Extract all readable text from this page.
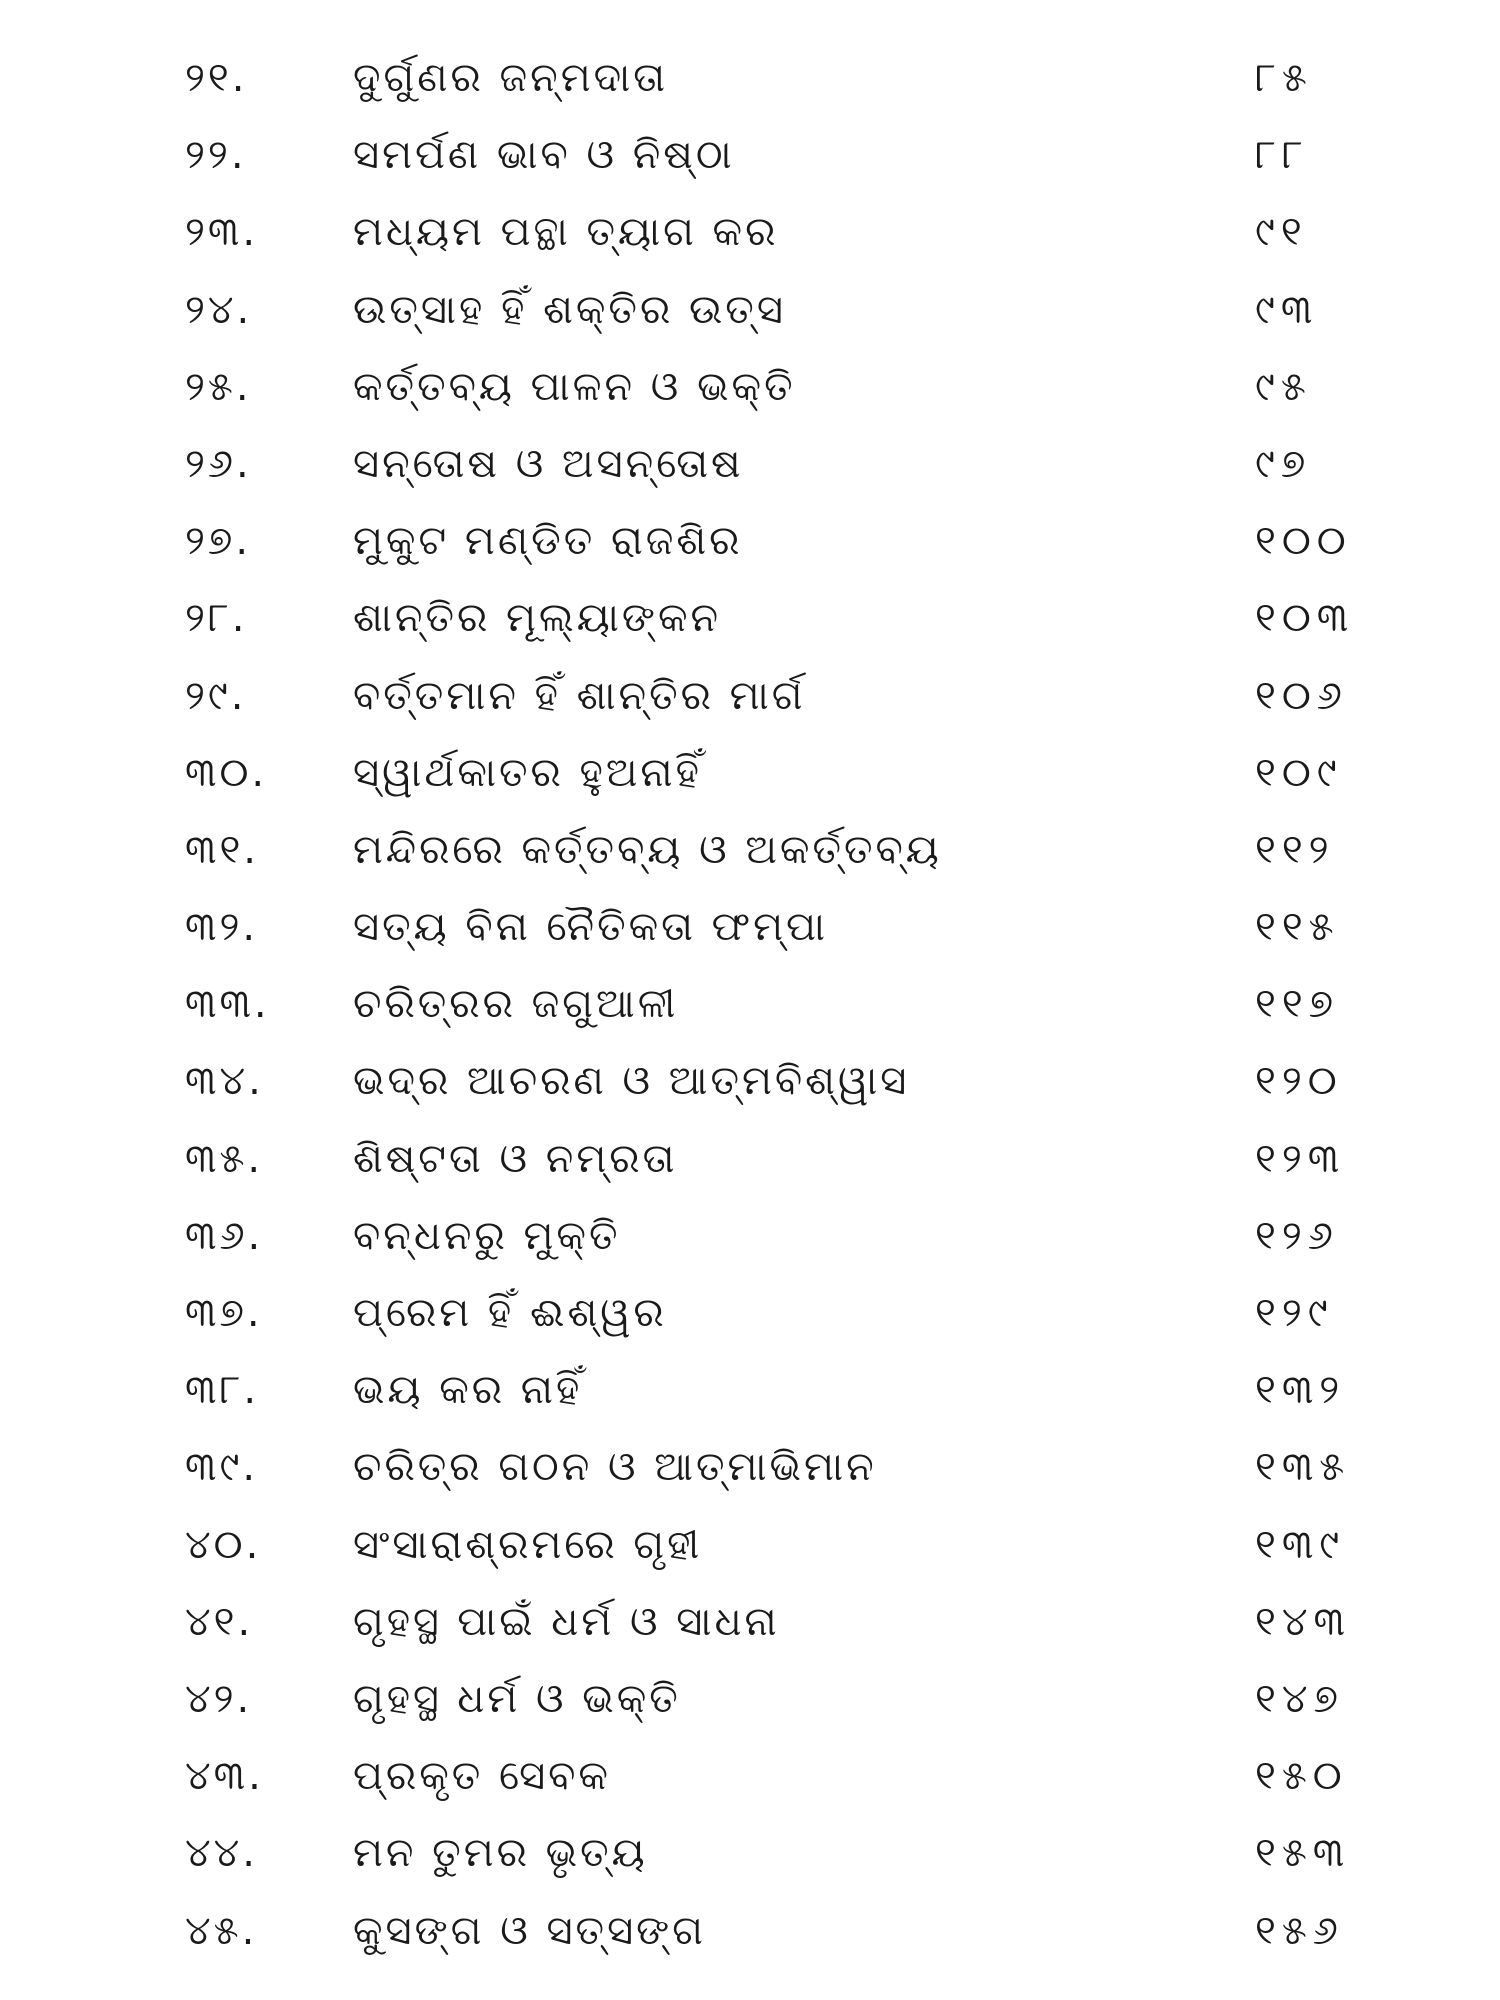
୨୧.	ଦୁର୍ଗୁଣର ଜନ୍ମଦାତା	୮୫
୨୨.	ସମର୍ପଣ ଭାବ ଓ ନିଷ୍ଠା	୮୮
୨୩.	ମଧ୍ୟମ ପନ୍ଥା ତ୍ୟାଗ କର	୯୧
୨୪.	ଉତ୍ସାହ ହିଁ ଶକ୍ତିର ଉତ୍ସ	୯୩
୨୫.	କର୍ତ୍ତବ୍ୟ ପାଳନ ଓ ଭକ୍ତି	୯୫
୨୬.	ସନ୍ତୋଷ ଓ ଅସନ୍ତୋଷ	୯୭
୨୭.	ମୁକୁଟ ମଣ୍ଡିତ ରାଜଶିର	୧୦୦
୨୮.	ଶାନ୍ତିର ମୂଲ୍ୟାଙ୍କନ	୧୦୩
୨୯.	ବର୍ତ୍ତମାନ ହିଁ ଶାନ୍ତିର ମାର୍ଗ	୧୦୬
୩୦.	ସ୍ୱାର୍ଥକାତର ହୁଅନାହିଁ	୧୦୯
୩୧.	ମନ୍ଦିରରେ କର୍ତ୍ତବ୍ୟ ଓ ଅକର୍ତ୍ତବ୍ୟ	୧୧୨
୩୨.	ସତ୍ୟ ବିନା ନୈତିକତା ଫମ୍ପା	୧୧୫
୩୩.	ଚରିତ୍ରର ଜଗୁଆଳୀ	୧୧୭
୩୪.	ଭଦ୍ର ଆଚରଣ ଓ ଆତ୍ମବିଶ୍ୱାସ	୧୨୦
୩୫.	ଶିଷ୍ଟତା ଓ ନମ୍ରତା	୧୨୩
୩୬.	ବନ୍ଧନରୁ ମୁକ୍ତି	୧୨୬
୩୭.	ପ୍ରେମ ହିଁ ଈଶ୍ୱର	୧୨୯
୩୮.	ଭୟ କର ନାହିଁ	୧୩୨
୩୯.	ଚରିତ୍ର ଗଠନ ଓ ଆତ୍ମାଭିମାନ	୧୩୫
୪୦.	ସଂସାରାଶ୍ରମରେ ଗୃହୀ	୧୩୯
୪୧.	ଗୃହସ୍ଥ ପାଇଁ ଧର୍ମ ଓ ସାଧନା	୧୪୩
୪୨.	ଗୃହସ୍ଥ ଧର୍ମ ଓ ଭକ୍ତି	୧୪୭
୪୩.	ପ୍ରକୃତ ସେବକ	୧୫୦
୪୪.	ମନ ତୁମର ଭୃତ୍ୟ	୧୫୩
୪୫.	କୁସଙ୍ଗ ଓ ସତ୍‌ସଙ୍ଗ	୧୫୬
